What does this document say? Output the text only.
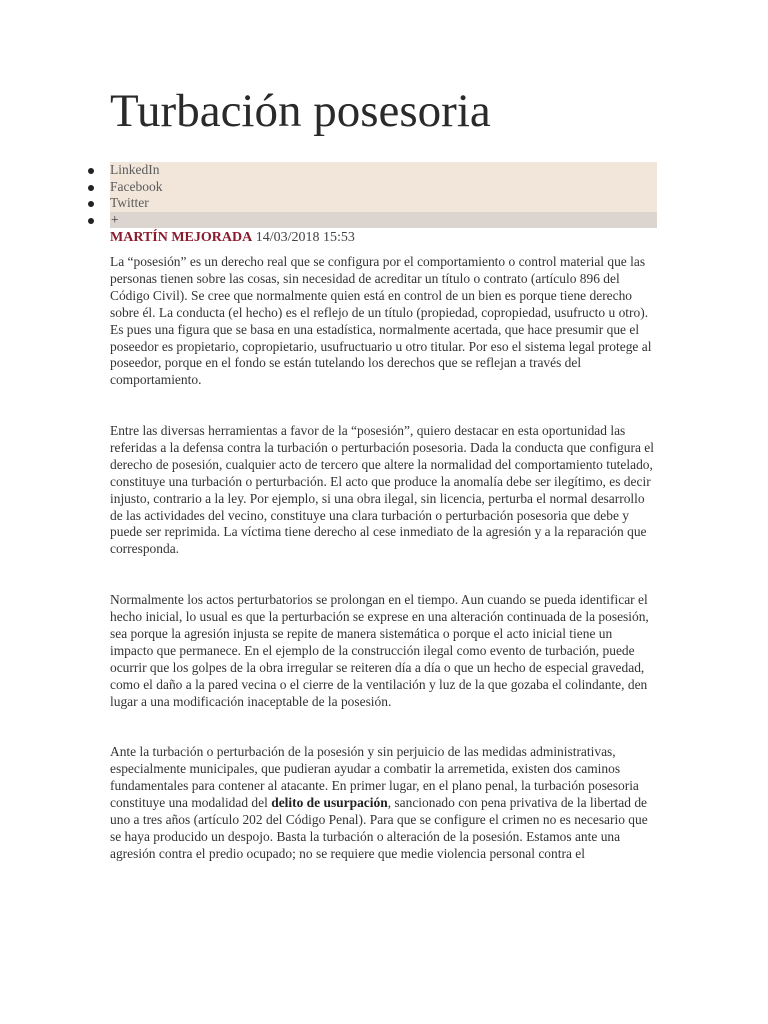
Turbación posesoria
LinkedIn
Facebook
Twitter
+
MARTÍN MEJORADA 14/03/2018 15:53

La “posesión” es un derecho real que se configura por el comportamiento o control material que las personas tienen sobre las cosas, sin necesidad de acreditar un título o contrato (artículo 896 del Código Civil). Se cree que normalmente quien está en control de un bien es porque tiene derecho sobre él. La conducta (el hecho) es el reflejo de un título (propiedad, copropiedad, usufructo u otro). Es pues una figura que se basa en una estadística, normalmente acertada, que hace presumir que el poseedor es propietario, copropietario, usufructuario u otro titular. Por eso el sistema legal protege al poseedor, porque en el fondo se están tutelando los derechos que se reflejan a través del comportamiento.

Entre las diversas herramientas a favor de la “posesión”, quiero destacar en esta oportunidad las referidas a la defensa contra la turbación o perturbación posesoria. Dada la conducta que configura el derecho de posesión, cualquier acto de tercero que altere la normalidad del comportamiento tutelado, constituye una turbación o perturbación. El acto que produce la anomalía debe ser ilegítimo, es decir injusto, contrario a la ley. Por ejemplo, si una obra ilegal, sin licencia, perturba el normal desarrollo de las actividades del vecino, constituye una clara turbación o perturbación posesoria que debe y puede ser reprimida. La víctima tiene derecho al cese inmediato de la agresión y a la reparación que corresponda.

Normalmente los actos perturbatorios se prolongan en el tiempo. Aun cuando se pueda identificar el hecho inicial, lo usual es que la perturbación se exprese en una alteración continuada de la posesión, sea porque la agresión injusta se repite de manera sistemática o porque el acto inicial tiene un impacto que permanece. En el ejemplo de la construcción ilegal como evento de turbación, puede ocurrir que los golpes de la obra irregular se reiteren día a día o que un hecho de especial gravedad, como el daño a la pared vecina o el cierre de la ventilación y luz de la que gozaba el colindante, den lugar a una modificación inaceptable de la posesión.

Ante la turbación o perturbación de la posesión y sin perjuicio de las medidas administrativas, especialmente municipales, que pudieran ayudar a combatir la arremetida, existen dos caminos fundamentales para contener al atacante. En primer lugar, en el plano penal, la turbación posesoria constituye una modalidad del delito de usurpación, sancionado con pena privativa de la libertad de uno a tres años (artículo 202 del Código Penal). Para que se configure el crimen no es necesario que se haya producido un despojo. Basta la turbación o alteración de la posesión. Estamos ante una agresión contra el predio ocupado; no se requiere que medie violencia personal contra el
